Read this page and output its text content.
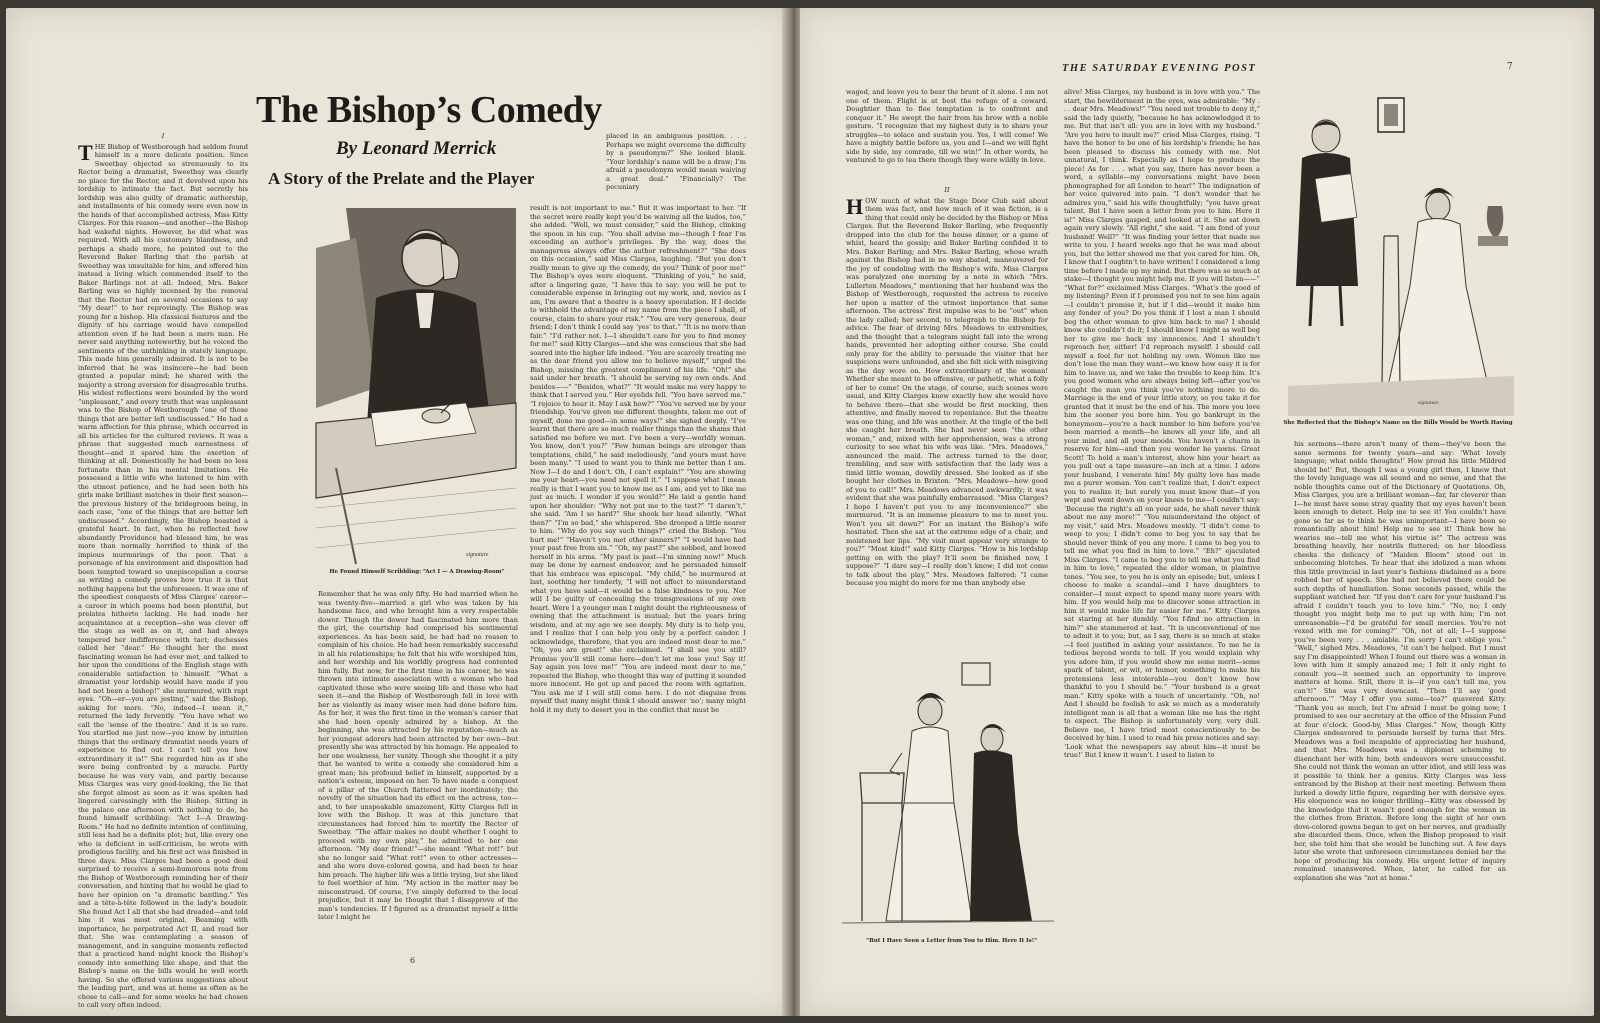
The Bishop’s Comedy
By Leonard Merrick
A Story of the Prelate and the Player

I

T HE Bishop of Westborough had seldom found himself in a more delicate position. Since Sweetbay objected so strenuously to its Rector being a dramatist, Sweetbay was clearly no place for the Rector, and it devolved upon his lordship to intimate the fact. But secretly his lordship was also guilty of dramatic authorship, and installments of his comedy were even now in the hands of that accomplished actress, Miss Kitty Clarges. For this reason—and another—the Bishop had wakeful nights. However, he did what was required. With all his customary blandness, and perhaps a shade more, he pointed out to the Reverend Baker Barling that the parish at Sweetbay was unsuitable for him, and offered him instead a living which commended itself to the Baker Barlings not at all. Indeed, Mrs. Baker Barling was so highly incensed by the removal that the Rector had on several occasions to say “My dear!” to her reprovingly. The Bishop was young for a bishop. His classical features and the dignity of his carriage would have compelled attention even if he had been a mere man. He never said anything noteworthy, but he voiced the sentiments of the unthinking in stately language. This made him generally admired. It is not to be inferred that he was insincere—he had been granted a popular mind; he shared with the majority a strong aversion for disagreeable truths. His widest reflections were bounded by the word “unpleasant,” and every truth that was unpleasant was to the Bishop of Westborough “one of those things that are better left undiscussed.” He had a warm affection for this phrase, which occurred in all his articles for the cultured reviews. It was a phrase that suggested much earnestness of thought—and it spared him the exertion of thinking at all. Domestically he had been no less fortunate than in his mental limitations. He possessed a little wife who listened to him with the utmost patience, and he had seen both his girls make brilliant matches in their first season—the previous history of the bridegroom being, in each case, “one of the things that are better left undiscussed.” Accordingly, the Bishop boasted a grateful heart. In fact, when he reflected how abundantly Providence had blessed him, he was more than normally horrified to think of the impious murmurings of the poor. That a personage of his environment and disposition had been tempted toward so unepiscopalian a course as writing a comedy proves how true it is that nothing happens but the unforeseen. It was one of the speediest conquests of Miss Clarges’ career—a career in which poems had been plentiful, but prelates hitherto lacking. He had made her acquaintance at a reception—she was clever off the stage as well as on it, and had always tempered her indifference with tact; duchesses called her “dear.” He thought her the most fascinating woman he had ever met, and talked to her upon the conditions of the English stage with considerable satisfaction to himself. “What a dramatist your lordship would have made if you had not been a bishop!” she murmured, with rapt eyes. “Oh—er—you are jesting,” said the Bishop, asking for more. “No, indeed—I mean it,” returned the lady fervently. “You have what we call the ‘sense of the theatre.’ And it is so rare. You startled me just now—you know by intuition things that the ordinary dramatist needs years of experience to find out. I can’t tell you how extraordinary it is!” She regarded him as if she were being confronted by a miracle. Partly because he was very vain, and partly because Miss Clarges was very good-looking, the lie that she forgot almost as soon as it was spoken had lingered caressingly with the Bishop. Sitting in the palace one afternoon with nothing to do, he found himself scribbling: “Act I—A Drawing-Room.” He had no definite intention of continuing, still less had he a definite plot; but, like every one who is deficient in self-criticism, he wrote with prodigious facility, and his first act was finished in three days. Miss Clarges had been a good deal surprised to receive a semi-humorous note from the Bishop of Westborough reminding her of their conversation, and hinting that he would be glad to have her opinion on “a dramatic bantling.” Yes and a tête-à-tête followed in the lady’s boudoir. She found Act I all that she had dreaded—and told him it was most original. Beaming with importance, he perpetrated Act II, and read her that. She was contemplating a season of management, and in sanguine moments reflected that a practiced hand might knock the Bishop’s comedy into something like shape, and that the Bishop’s name on the bills would be well worth having. So she offered various suggestions about the leading part, and was at home as often as he chose to call—and for some weeks he had chosen to call very often indeed.
signature
He Found Himself Scribbling: “Act I — A Drawing-Room”
Remember that he was only fifty. He had married when he was twenty-five—married a girl who was taken by his handsome face, and who brought him a very respectable dower. Though the dower had fascinated him more than the girl, the courtship had comprised his sentimental experiences. As has been said, he had had no reason to complain of his choice. He had been remarkably successful in all his relationships; he felt that his wife worshiped him, and her worship and his worldly progress had contented him fully. But now, for the first time in his career, he was thrown into intimate association with a woman who had captivated those who were seeing life and those who had seen it—and the Bishop of Westborough fell in love with her as violently as many wiser men had done before him. As for her, it was the first time in the woman’s career that she had been openly admired by a bishop. At the beginning, she was attracted by his reputation—much as her youngest adorers had been attracted by her own—but presently she was attracted by his homage. He appealed to her one weakness, her vanity. Though she thought it a pity that he wanted to write a comedy she considered him a great man; his profound belief in himself, supported by a nation’s esteem, imposed on her. To have made a conquest of a pillar of the Church flattered her inordinately; the novelty of the situation had its effect on the actress, too—and, to her unspeakable amazement, Kitty Clarges fell in love with the Bishop. It was at this juncture that circumstances had forced him to mortify the Rector of Sweetbay. “The affair makes no doubt whether I ought to proceed with my own play,” he admitted to her one afternoon. “My dear friend!”—she meant “What rot!” but she no longer said “What rot!” even to other actresses—and she wore dove-colored gowns, and had been to hear him preach. The higher life was a little trying, but she liked to feel worthier of him. “My action in the matter may be misconstrued. Of course, I’ve simply deferred to the local prejudice, but it may be thought that I disapprove of the man’s tendencies. If I figured as a dramatist myself a little later I might be
placed in an ambiguous position. . . . Perhaps we might overcome the difficulty by a pseudonym?” She looked blank. “Your lordship’s name will be a draw; I’m afraid a pseudonym would mean waiving a great deal.” “Financially? The pecuniary
result is not important to me.” But it was important to her. “If the secret were really kept you’d be waiving all the kudos, too,” she added. “Well, we must consider,” said the Bishop, clinking the spoon in his cup. “You shall advise me—though I fear I’m exceeding an author’s privileges. By the way, does the manageress always offer the author refreshment?” “She does on this occasion,” said Miss Clarges, laughing. “But you don’t really mean to give up the comedy, do you? Think of poor me!” The Bishop’s eyes were eloquent. “Thinking of you,” he said, after a lingering gaze, “I have this to say: you will be put to considerable expense in bringing out my work, and, novice as I am, I’m aware that a theatre is a heavy speculation. If I decide to withhold the advantage of my name from the piece I shall, of course, claim to share your risk.” “You are very generous, dear friend; I don’t think I could say ‘yes’ to that.” “It is no more than fair.” “I’d rather not. I—I shouldn’t care for you to find money for me!” said Kitty Clarges—and she was conscious that she had soared into the higher life indeed. “You are scarcely treating me as the dear friend you allow me to believe myself,” urged the Bishop, missing the greatest compliment of his life. “Oh!” she said under her breath. “I should be serving my own ends. And besides——” “Besides, what?” “It would make me very happy to think that I served you.” Her eyelids fell. “You have served me.” “I rejoice to hear it. May I ask how?” “You’ve served me by your friendship. You’ve given me different thoughts, taken me out of myself, done me good—in some ways!” she sighed deeply. “I’ve learnt that there are so much realler things than the shams that satisfied me before we met. I’ve been a very—worldly woman. You know, don’t you?” “Few human beings are stronger than temptations, child,” he said melodiously, “and yours must have been many.” “I used to want you to think me better than I am. Now I—I do and I don’t. Oh, I can’t explain!” “You are showing me your heart—you need not spell it.” “I suppose what I mean really is that I want you to know me as I am, and yet to like me just as much. I wonder if you would?” He laid a gentle hand upon her shoulder: “Why not put me to the test?” “I daren’t,” she said. “Am I so hard?” She shook her head silently. “What then?” “I’m so bad,” she whispered. She drooped a little nearer to him. “Why do you say such things?” cried the Bishop. “You hurt me!” “Haven’t you met other sinners?” “I would have had your past free from sin.” “Oh, my past?” she sobbed, and bowed herself in his arms. “My past is past—I’m sinning now!” Much may be done by earnest endeavor, and he persuaded himself that his embrace was episcopal. “My child,” he murmured at last, soothing her tenderly, “I will not affect to misunderstand what you have said—it would be a false kindness to you. Nor will I be guilty of concealing the transgressions of my own heart. Were I a younger man I might doubt the righteousness of owning that the attachment is mutual; but the years bring wisdom, and at my age we see deeply. My duty is to help you, and I realize that I can help you only by a perfect candor. I acknowledge, therefore, that you are indeed most dear to me.” “Oh, you are great!” she exclaimed. “I shall see you still? Promise you’ll still come here—don’t let me lose you! Say it! Say again you love me!” “You are indeed most dear to me,” repeated the Bishop, who thought this way of putting it sounded more innocent. He got up and paced the room with agitation. “You ask me if I will still come here. I do not disguise from myself that many might think I should answer ‘no’; many might hold it my duty to desert you in the conflict that must be
6
THE SATURDAY EVENING POST	7
waged, and leave you to bear the brunt of it alone. I am not one of them. Flight is at best the refuge of a coward. Doughtier than to flee temptation is to confront and conquer it.” He swept the hair from his brow with a noble gesture. “I recognize that my highest duty is to share your struggles—to solace and sustain you. Yes, I will come! We have a mighty battle before us, you and I—and we will fight side by side, my comrade, till we win!” In other words, he ventured to go to tea there though they were wildly in love.

II

H OW much of what the Stage Door Club said about them was fact, and how much of it was fiction, is a thing that could only be decided by the Bishop or Miss Clarges. But the Reverend Baker Barling, who frequently dropped into the club for the house dinner, or a game of whist, heard the gossip; and Baker Barling confided it to Mrs. Baker Barling; and Mrs. Baker Barling, whose wrath against the Bishop had in no way abated, maneuvered for the joy of condoling with the Bishop’s wife. Miss Clarges was paralyzed one morning by a note in which “Mrs. Lullerton Meadows,” mentioning that her husband was the Bishop of Westborough, requested the actress to receive her upon a matter of the utmost importance that same afternoon. The actress’ first impulse was to be “out” when the lady called; her second, to telegraph to the Bishop for advice. The fear of driving Mrs. Meadows to extremities, and the thought that a telegram might fall into the wrong hands, prevented her adopting either course. She could only pray for the ability to persuade the visitor that her suspicions were unfounded, and she felt sick with misgiving as the day wore on. How extraordinary of the woman! Whether she meant to be offensive, or pathetic, what a folly of her to come! On the stage, of course, such scenes were usual, and Kitty Clarges knew exactly how she would have to behave there—that she would be first mocking, then attentive, and finally moved to repentance. But the theatre was one thing, and life was another. At the tingle of the bell she caught her breath. She had never seen “the other woman,” and, mixed with her apprehension, was a strong curiosity to see what his wife was like. “Mrs. Meadows,” announced the maid. The actress turned to the door, trembling, and saw with satisfaction that the lady was a timid little woman, dowdily dressed. She looked as if she bought her clothes in Brixton. “Mrs. Meadows—how good of you to call!” Mrs. Meadows advanced awkwardly; it was evident that she was painfully embarrassed. “Miss Clarges? I hope I haven’t put you to any inconvenience?” she murmured. “It is an immense pleasure to me to meet you. Won’t you sit down?” For an instant the Bishop’s wife hesitated. Then she sat at the extreme edge of a chair, and moistened her lips. “My visit must appear very strange to you?” “Most kind!” said Kitty Clarges. “How is his lordship getting on with the play? It’ll soon be finished now, I suppose?” “I dare say—I really don’t know; I did not come to talk about the play,” Mrs. Meadows faltered; “I came because you might do more for me than anybody else
alive! Miss Clarges, my husband is in love with you.” The start, the bewilderment in the eyes, was admirable: “My . . . dear Mrs. Meadows!” “You need not trouble to deny it,” said the lady quietly, “because he has acknowledged it to me. But that isn’t all: you are in love with my husband.” “Are you here to insult me?” cried Miss Clarges, rising. “I have the honor to be one of his lordship’s friends; he has been pleased to discuss his comedy with me. Not unnatural, I think. Especially as I hope to produce the piece! As for . . . what you say, there has never been a word, a syllable—my conversations might have been phonographed for all London to hear!” The indignation of her voice quivered into pain. “I don’t wonder that he admires you,” said his wife thoughtfully; “you have great talent. But I have seen a letter from you to him. Here it is!” Miss Clarges gasped, and looked at it. She sat down again very slowly. “All right,” she said. “I am fond of your husband! Well?” “It was finding your letter that made me write to you. I heard weeks ago that he was mad about you, but the letter showed me that you cared for him. Oh, I know that I oughtn’t to have written! I considered a long time before I made up my mind. But there was so much at stake—I thought you might help me. If you will listen——” “What for?” exclaimed Miss Clarges. “What’s the good of my listening? Even if I promised you not to see him again—I couldn’t promise it, but if I did—would it make him any fonder of you? Do you think if I lost a man I should beg the other woman to give him back to me? I should know she couldn’t do it; I should know I might as well beg her to give me back my innocence. And I shouldn’t reproach her, either! I’d reproach myself! I should call myself a fool for not holding my own. Women like me don’t lose the man they want—we know how easy it is for him to leave us, and we take the trouble to keep him. It’s you good women who are always being left—after you’ve caught the man you think you’ve nothing more to do. Marriage is the end of your little story, so you take it for granted that it must be the end of his. The more you love him the sooner you bore him. You go bankrupt in the honeymoon—you’re a back number to him before you’ve been married a month—he knows all your life, and all your mind, and all your moods. You haven’t a charm in reserve for him—and then you wonder he yawns. Great Scott! To hold a man’s interest, show him your heart as you pull out a tape measure—an inch at a time. I adore your husband, I venerate him! My guilty love has made me a purer woman. You can’t realize that, I don’t expect you to realize it; but surely you must know that—if you wept and went down on your knees to me—I couldn’t say: ‘Because the right’s all on your side, he shall never think about me any more!’” “You misunderstand the object of my visit,” said Mrs. Meadows meekly. “I didn’t come to weep to you; I didn’t come to beg you to say that he should never think of you any more. I came to beg you to tell me what you find in him to love.” “Eh?” ejaculated Miss Clarges. “I came to beg you to tell me what you find in him to love,” repeated the elder woman, in plaintive tones. “You see, to you he is only an episode; but, unless I choose to make a scandal—and I have daughters to consider—I must expect to spend many more years with him. If you would help me to discover some attraction in him it would make life far easier for me.” Kitty Clarges sat staring at her dumbly. “You f-find no attraction in him?” she stammered at last. “It is unconventional of me to admit it to you; but, as I say, there is so much at stake—I feel justified in asking your assistance. To me he is tedious beyond words to tell. If you would explain why you adore him, if you would show me some merit—some spark of talent, or wit, or humor, something to make his pretensions less intolerable—you don’t know how thankful to you I should be.” “Your husband is a great man.” Kitty spoke with a touch of uncertainty. “Oh, no! And I should be foolish to ask so much as a moderately intelligent man is all that a woman like me has the right to expect. The Bishop is unfortunately very, very dull. Believe me, I have tried most conscientiously to be deceived by him. I used to read his press notices and say: ‘Look what the newspapers say about him—it must be true!’ But I knew it wasn’t. I used to listen to
“But I Have Seen a Letter from You to Him. Here It Is!”
signature
She Reflected that the Bishop’s Name on the Bills Would be Worth Having
his sermons—there aren’t many of them—they’ve been the same sermons for twenty years—and say: ‘What lovely language; what noble thoughts!’ How proud his little Mildred should be!’ But, though I was a young girl then, I knew that the lovely language was all sound and no sense, and that the noble thoughts came out of the Dictionary of Quotations. Oh, Miss Clarges, you are a brilliant woman—far, far cleverer than I—he must have some stray quality that my eyes haven’t been keen enough to detect. Help me to see it! You couldn’t have gone so far as to think he was unimportant—I have been so romantically about him! Help me to see it! Think how he wearies me—tell me what his virtue is!” The actress was breathing heavily, her nostrils fluttered; on her bloodless cheeks the delicacy of “Maiden Bloom” stood out in unbecoming blotches. To hear that she idolized a man whom this little provincial in last year’s fashions disdained as a bore robbed her of speech. She had not believed there could be such depths of humiliation. Some seconds passed, while the suppliant watched her. “If you don’t care for your husband I’m afraid I couldn’t teach you to love him.” “No, no; I only thought you might help me to put up with him; I’m not unreasonable—I’d be grateful for small mercies. You’re not vexed with me for coming?” “Oh, not at all; I—I suppose you’ve been very . . . amiable. I’m sorry I can’t oblige you.” “Well,” sighed Mrs. Meadows, “it can’t be helped. But I must say I’m disappointed! When I found out there was a woman in love with him it simply amazed me; I felt it only right to consult you—it seemed such an opportunity to improve matters at home. Still, there it is—if you can’t tell me, you can’t!” She was very downcast. “Then I’ll say ‘good afternoon.’” “May I offer you some—tea?” quavered Kitty. “Thank you so much, but I’m afraid I must be going now; I promised to see our secretary at the office of the Mission Fund at four o’clock. Good-by, Miss Clarges.” Now, though Kitty Clarges endeavored to persuade herself by turns that Mrs. Meadows was a fool incapable of appreciating her husband, and that Mrs. Meadows was a diplomat scheming to disenchant her with him, both endeavors were unsuccessful. She could not think the woman an utter idiot, and still less was it possible to think her a genius. Kitty Clarges was less entranced by the Bishop at their next meeting. Between them lurked a dowdy little figure, regarding her with derisive eyes. His eloquence was no longer thrilling—Kitty was obsessed by the knowledge that it wasn’t good enough for the woman in the clothes from Brixton. Before long the sight of her own dove-colored gowns began to get on her nerves, and gradually she discarded them. Once, when the Bishop proposed to visit her, she told him that she would be lunching out. A few days later she wrote that unforeseen circumstances denied her the hope of producing his comedy. His urgent letter of inquiry remained unanswered. When, later, he called for an explanation she was “not at home.”
